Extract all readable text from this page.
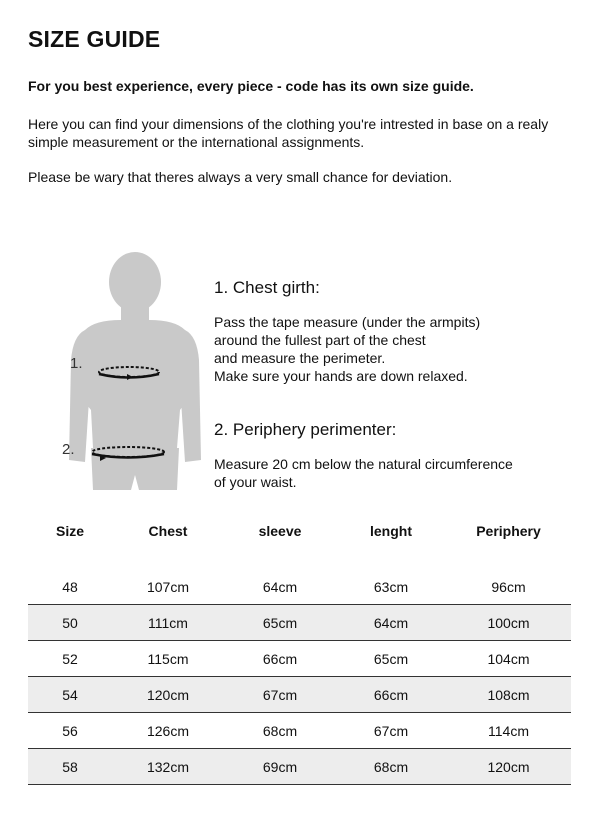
SIZE GUIDE

For you best experience, every piece - code has its own size guide.

Here you can find your dimensions of the clothing you're intrested in base on a realy simple measurement or the international assignments.

Please be wary that theres always a very small chance for deviation.

1.
2.
1. Chest girth:
Pass the tape measure (under the armpits)
around the fullest part of the chest
and measure the perimeter.
Make sure your hands are down relaxed.
2. Periphery perimenter:
Measure 20 cm below the natural circumference
of your waist.
Size	Chest	sleeve	lenght	Periphery

48	107cm	64cm	63cm	96cm
50	111cm	65cm	64cm	100cm
52	115cm	66cm	65cm	104cm
54	120cm	67cm	66cm	108cm
56	126cm	68cm	67cm	114cm
58	132cm	69cm	68cm	120cm
